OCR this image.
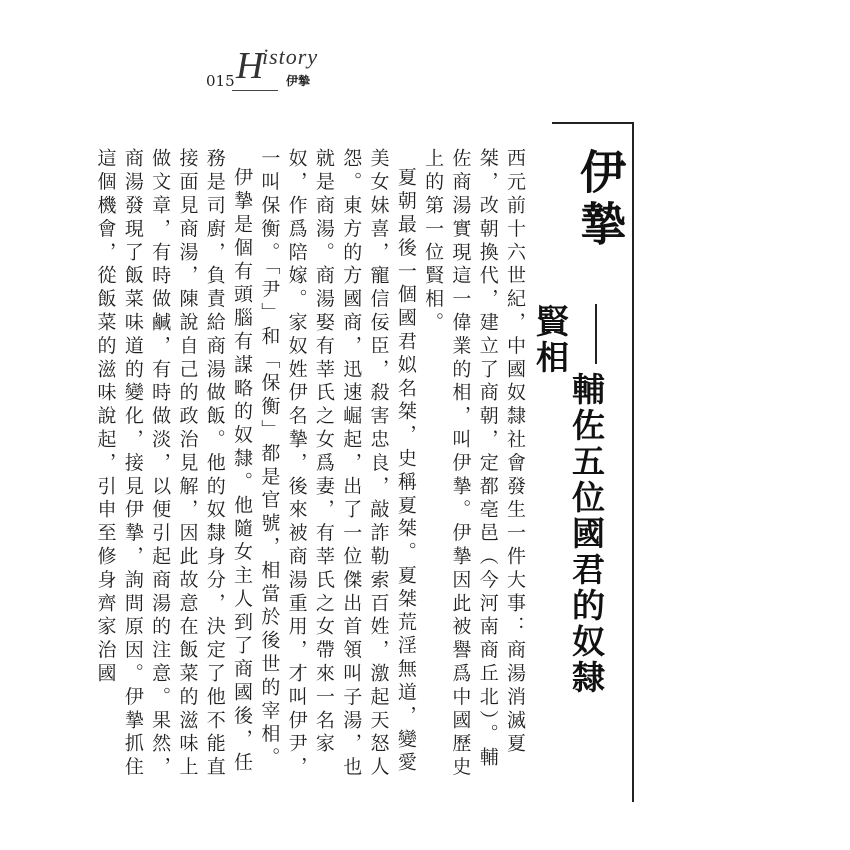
015 H
istory
伊摯
伊摯
輔佐五位國君的奴隸賢相

西元前十六世紀，中國奴隸社會發生一件大事：商湯消滅夏桀，改朝換代，建立了商朝，定都亳邑（今河南商丘北）。輔佐商湯實現這一偉業的相，叫伊摯。伊摯因此被譽爲中國歷史上的第一位賢相。

夏朝最後一個國君姒名桀，史稱夏桀。夏桀荒淫無道，變愛美女妹喜，寵信佞臣，殺害忠良，敲詐勒索百姓，激起天怒人怨。東方的方國商，迅速崛起，出了一位傑出首領叫子湯，也就是商湯。商湯娶有莘氏之女爲妻，有莘氏之女帶來一名家奴，作爲陪嫁。家奴姓伊名摯，後來被商湯重用，才叫伊尹，一叫保衡。「尹」和「保衡」都是官號，相當於後世的宰相。

伊摯是個有頭腦有謀略的奴隸。他隨女主人到了商國後，任務是司廚，負責給商湯做飯。他的奴隸身分，決定了他不能直接面見商湯，陳說自己的政治見解，因此故意在飯菜的滋味上做文章，有時做鹹，有時做淡，以便引起商湯的注意。果然，商湯發現了飯菜味道的變化，接見伊摯，詢問原因。伊摯抓住這個機會，從飯菜的滋味說起，引申至修身齊家治國
